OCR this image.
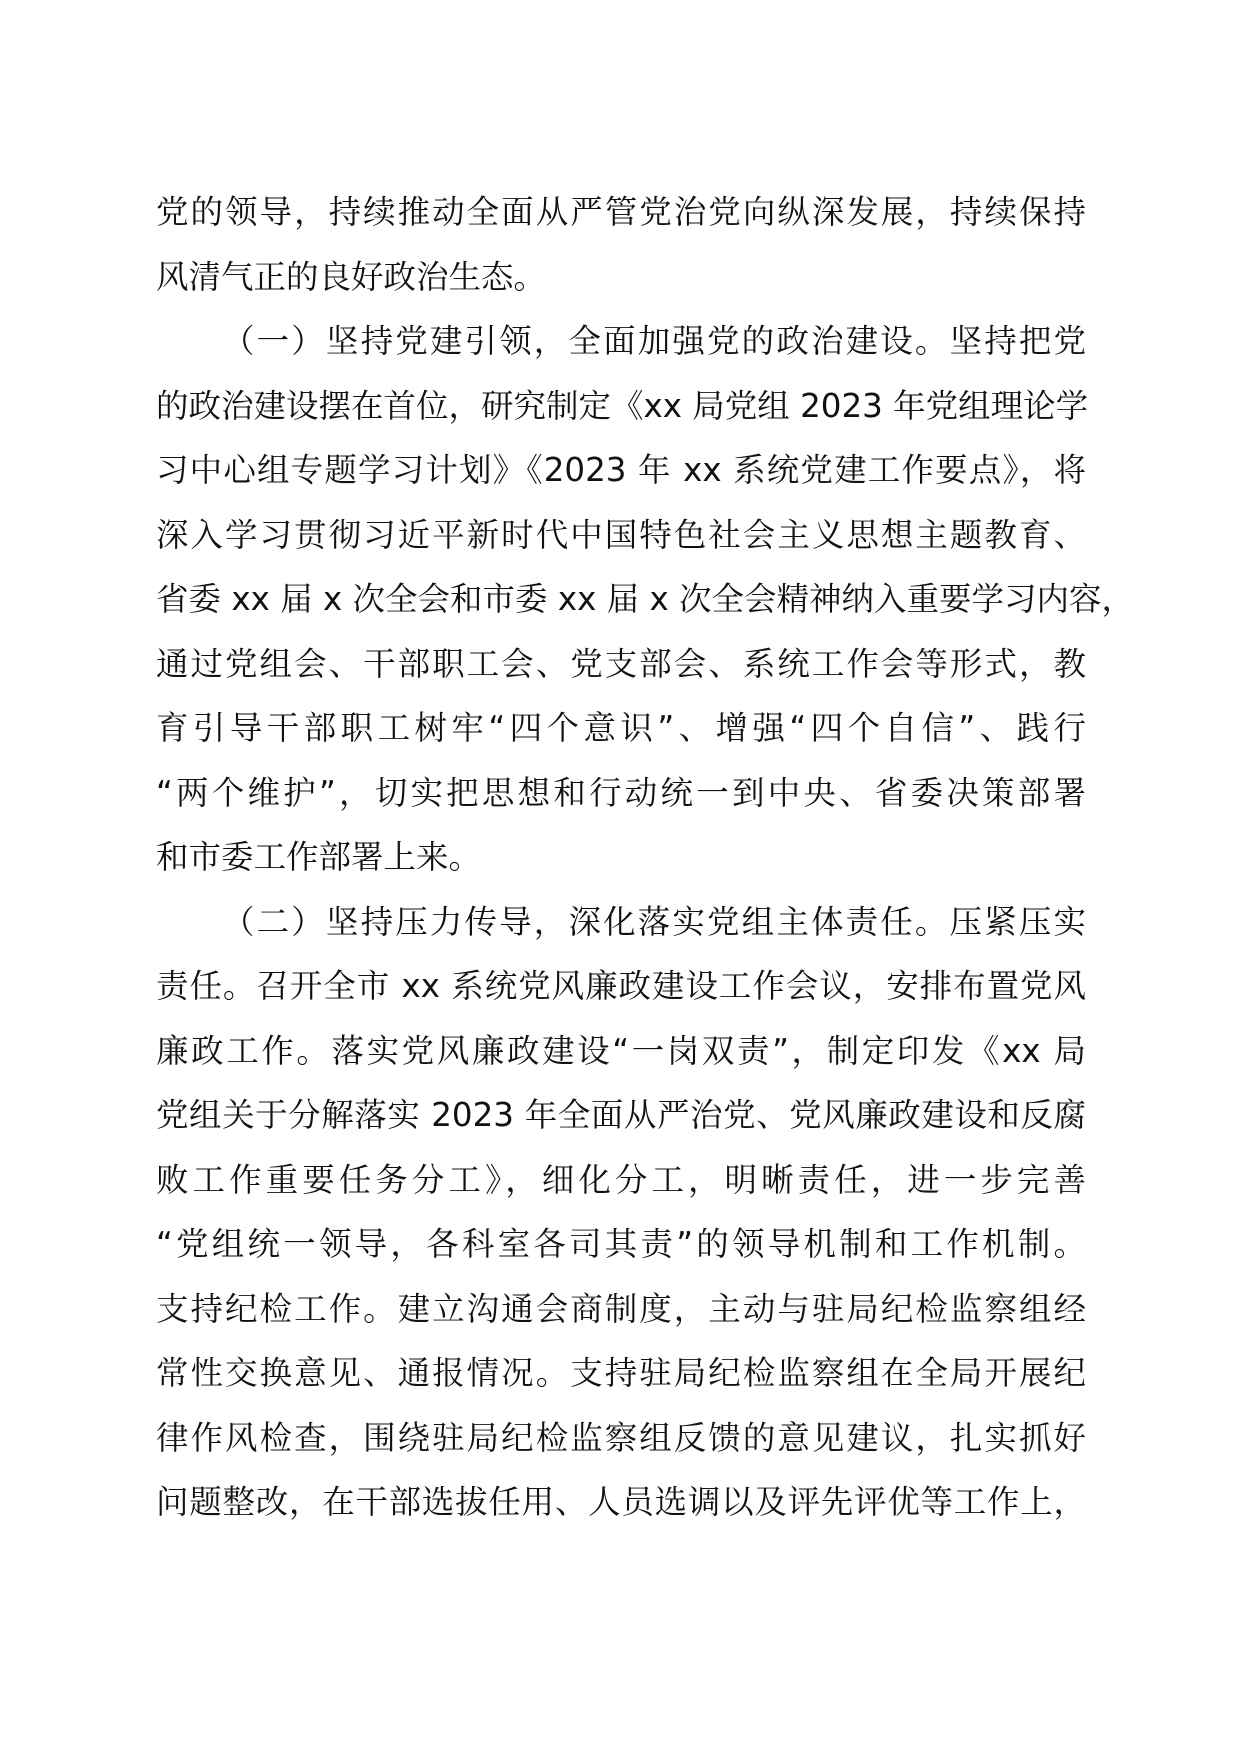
党的领导，持续推动全面从严管党治党向纵深发展，持续保持
风清气正的良好政治生态。
（一）坚持党建引领，全面加强党的政治建设。坚持把党
的政治建设摆在首位，研究制定《xx 局党组 2023 年党组理论学
习中心组专题学习计划》《2023 年 xx 系统党建工作要点》，将
深入学习贯彻习近平新时代中国特色社会主义思想主题教育、
省委 xx 届 x 次全会和市委 xx 届 x 次全会精神纳入重要学习内容，
通过党组会、干部职工会、党支部会、系统工作会等形式，教
育引导干部职工树牢“四个意识”、增强“四个自信”、践行
“两个维护”，切实把思想和行动统一到中央、省委决策部署
和市委工作部署上来。
（二）坚持压力传导，深化落实党组主体责任。压紧压实
责任。召开全市 xx 系统党风廉政建设工作会议，安排布置党风
廉政工作。落实党风廉政建设“一岗双责”，制定印发《xx 局
党组关于分解落实 2023 年全面从严治党、党风廉政建设和反腐
败工作重要任务分工》，细化分工，明晰责任，进一步完善
“党组统一领导，各科室各司其责”的领导机制和工作机制。
支持纪检工作。建立沟通会商制度，主动与驻局纪检监察组经
常性交换意见、通报情况。支持驻局纪检监察组在全局开展纪
律作风检查，围绕驻局纪检监察组反馈的意见建议，扎实抓好
问题整改，在干部选拔任用、人员选调以及评先评优等工作上，
